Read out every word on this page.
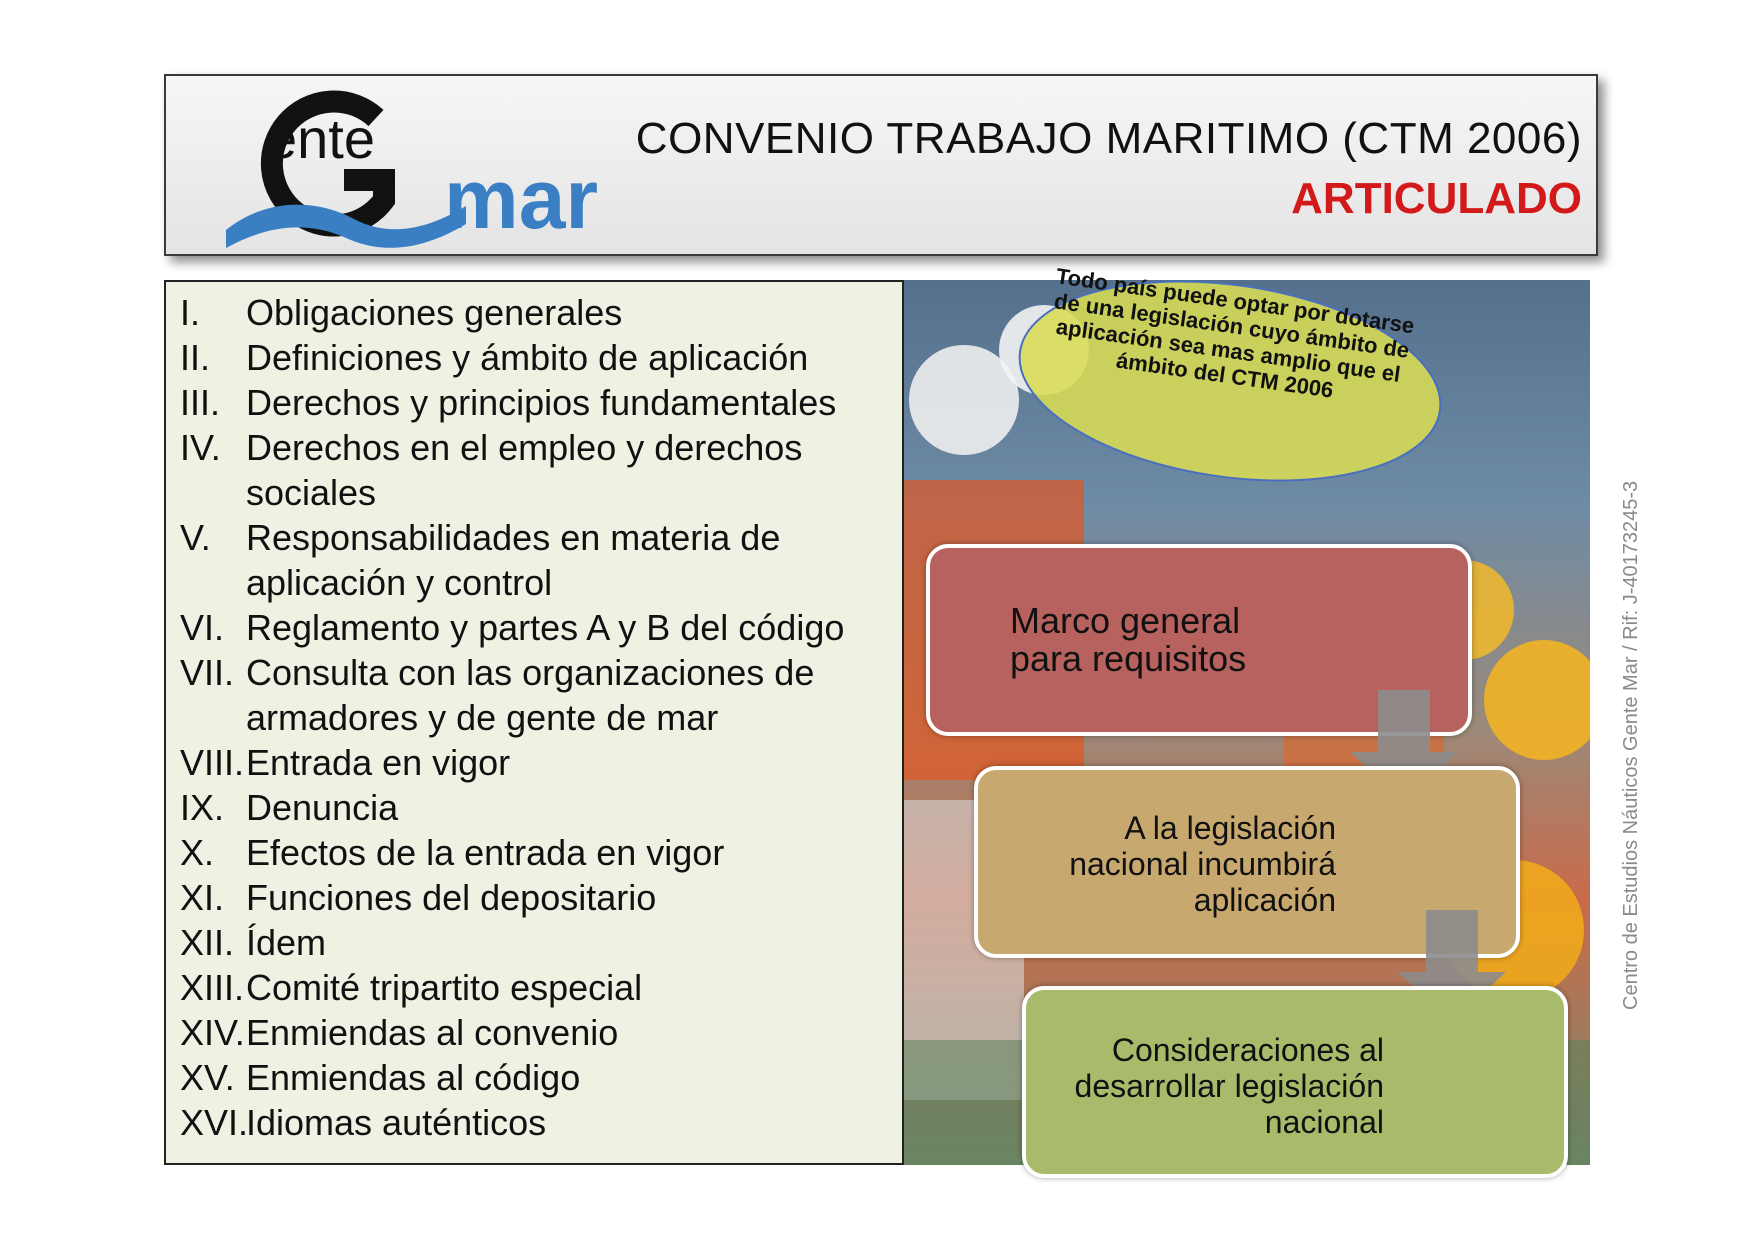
ente
mar
CONVENIO TRABAJO MARITIMO (CTM 2006)
ARTICULADO
I.	Obligaciones generales
II. Definiciones y ámbito de aplicación
III. Derechos y principios fundamentales
IV. Derechos en el empleo y derechos sociales
V. Responsabilidades en materia de aplicación y control
VI. Reglamento y partes A y B del código
VII. Consulta con las organizaciones de armadores y de gente de mar
VIII. Entrada en vigor
IX. Denuncia
X. Efectos de la entrada en vigor
XI. Funciones del depositario
XII. Ídem
XIII. Comité tripartito especial
XIV. Enmiendas al convenio
XV. Enmiendas al código
XVI.
Idiomas auténticos
Todo país puede optar por dotarse de una legislación cuyo ámbito de aplicación sea mas amplio que el ámbito del CTM 2006
Marco general para requisitos
A la legislación nacional incumbirá aplicación
Consideraciones al desarrollar legislación nacional
Centro de Estudios Náuticos Gente Mar / Rif: J-40173245-3
